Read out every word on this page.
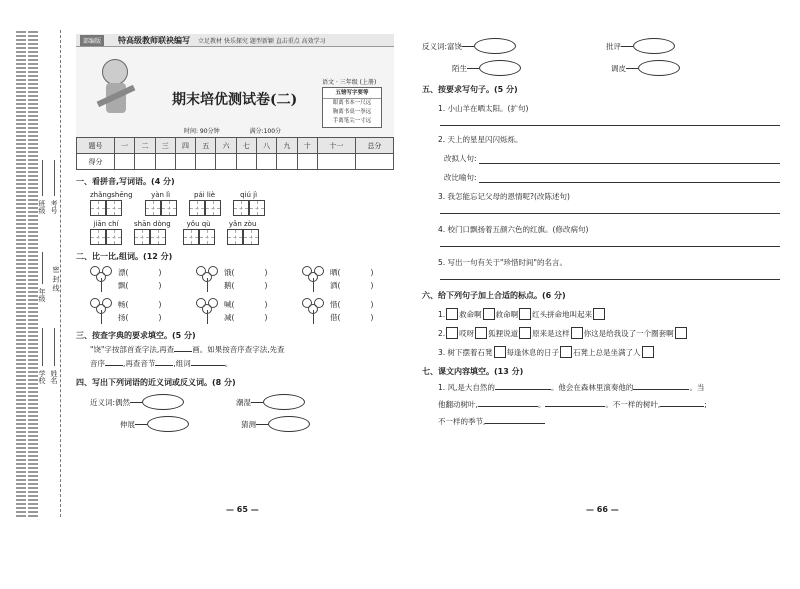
班级 考号
年级
密 封 线
学校 姓名
部编版	特高级教师联袂编写 立足教材 快乐探究 题型新颖 直击重点 高效学习
期末培优测试卷(二)
时间: 90分钟	满分:100分
语文 · 三年级 (上册)
五镑写字要等
眼离书本一尺远
胸离书桌一拳远
手离笔尖一寸远
题号	一	二	三	四	五	六	七	八	九	十	十一	总分
得分												
一、看拼音,写词语。(4 分)
zhǎngshēng	yàn lì	pái liè	qiú jì
jiān chí	shān dòng	yǒu qù	yǎn zòu
二、比一比,组词。(12 分)
漂(	)
飘(	)
饿(	)
鹅(	)
晒(	)
洒(	)
畅(	)
扬(	)
喊(	)
减(	)
惜(	)
借(	)
三、按查字典的要求填空。(5 分)
"饶"字按部首查字法,再查 画。如果按音序查字法,先查
音序 ,再查音节 ,组词	。
四、写出下列词语的近义词或反义词。(8 分)
近义词: 偶然	潮湿
伸展	猜测
— 65 —
反义词: 富饶	批评
陌生	调皮
五、按要求写句子。(5 分)
1. 小山羊在晒太阳。(扩句)
2. 天上的星星闪闪烁烁。
改拟人句:
改比喻句:
3. 我怎能忘记父母的恩情呢?(改陈述句)
4. 校门口飘扬着五颜六色的红旗。(修改病句)
5. 写出一句有关于"珍惜时间"的名言。
六、给下列句子加上合适的标点。(6 分)
1. 救命啊 救命啊 红头拼命地叫起来
2. 哎呀 狐狸说道 原来是这样 你这是给我设了一个圈套啊
3. 树下摆着石凳 每逢休息的日子 石凳上总是坐满了人
七、课文内容填空。(13 分)
1. 风,是大自然的	。他会在森林里演奏他的	。当
他翻动树叶,	。	。不一样的树叶,	;
不一样的季节,
— 66 —
